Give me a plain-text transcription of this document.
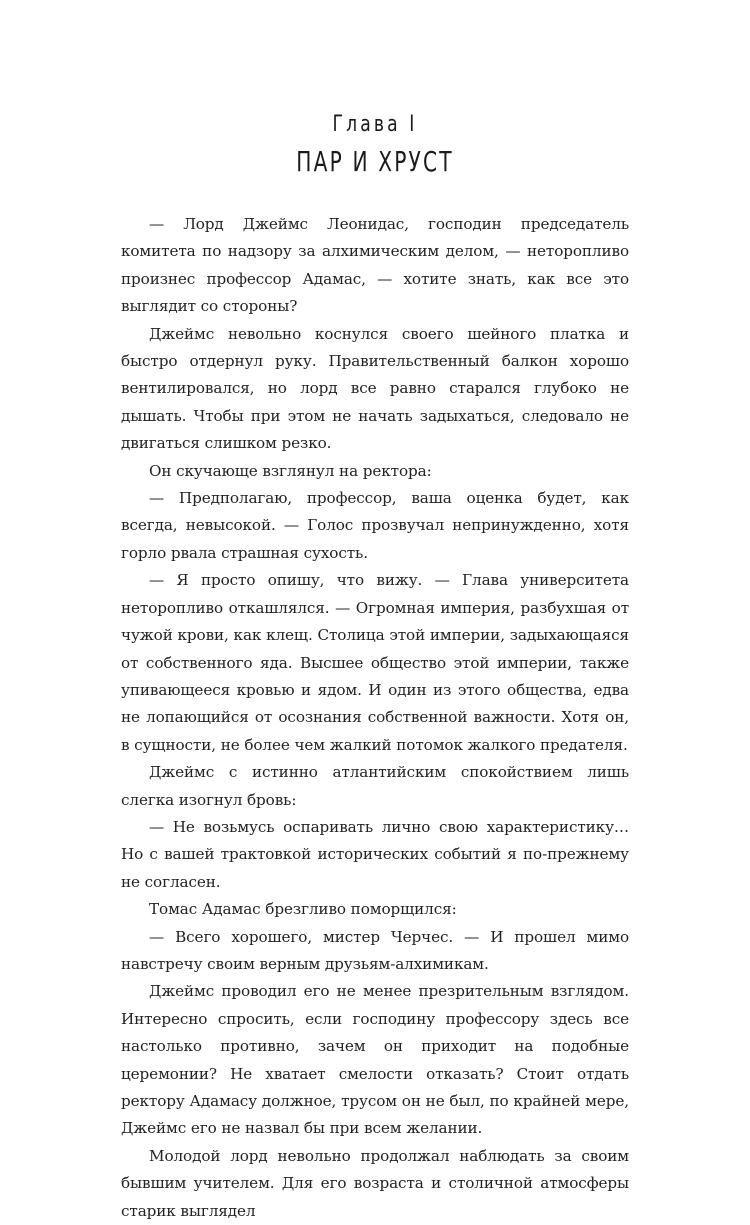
Глава I
ПАР И ХРУСТ

— Лорд Джеймс Леонидас, господин председатель комитета по надзору за алхимическим делом, — неторопливо произнес профессор Адамас, — хотите знать, как все это выглядит со стороны?

Джеймс невольно коснулся своего шейного платка и быстро отдернул руку. Правительственный балкон хорошо вентилировался, но лорд все равно старался глубоко не дышать. Чтобы при этом не начать задыхаться, следовало не двигаться слишком резко.

Он скучающе взглянул на ректора:

— Предполагаю, профессор, ваша оценка будет, как всегда, невысокой. — Голос прозвучал непринужденно, хотя горло рвала страшная сухость.

— Я просто опишу, что вижу. — Глава университета неторопливо откашлялся. — Огромная империя, разбухшая от чужой крови, как клещ. Столица этой империи, задыхающаяся от собственного яда. Высшее общество этой империи, также упивающееся кровью и ядом. И один из этого общества, едва не лопающийся от осознания собственной важности. Хотя он, в сущности, не более чем жалкий потомок жалкого предателя.

Джеймс с истинно атлантийским спокойствием лишь слегка изогнул бровь:

— Не возьмусь оспаривать лично свою характеристику… Но с вашей трактовкой исторических событий я по-прежнему не согласен.

Томас Адамас брезгливо поморщился:

— Всего хорошего, мистер Черчес. — И прошел мимо навстречу своим верным друзьям-алхимикам.

Джеймс проводил его не менее презрительным взглядом. Интересно спросить, если господину профессору здесь все настолько противно, зачем он приходит на подобные церемонии? Не хватает смелости отказать? Стоит отдать ректору Адамасу должное, трусом он не был, по крайней мере, Джеймс его не назвал бы при всем желании.

Молодой лорд невольно продолжал наблюдать за своим бывшим учителем. Для его возраста и столичной атмосферы старик выглядел
